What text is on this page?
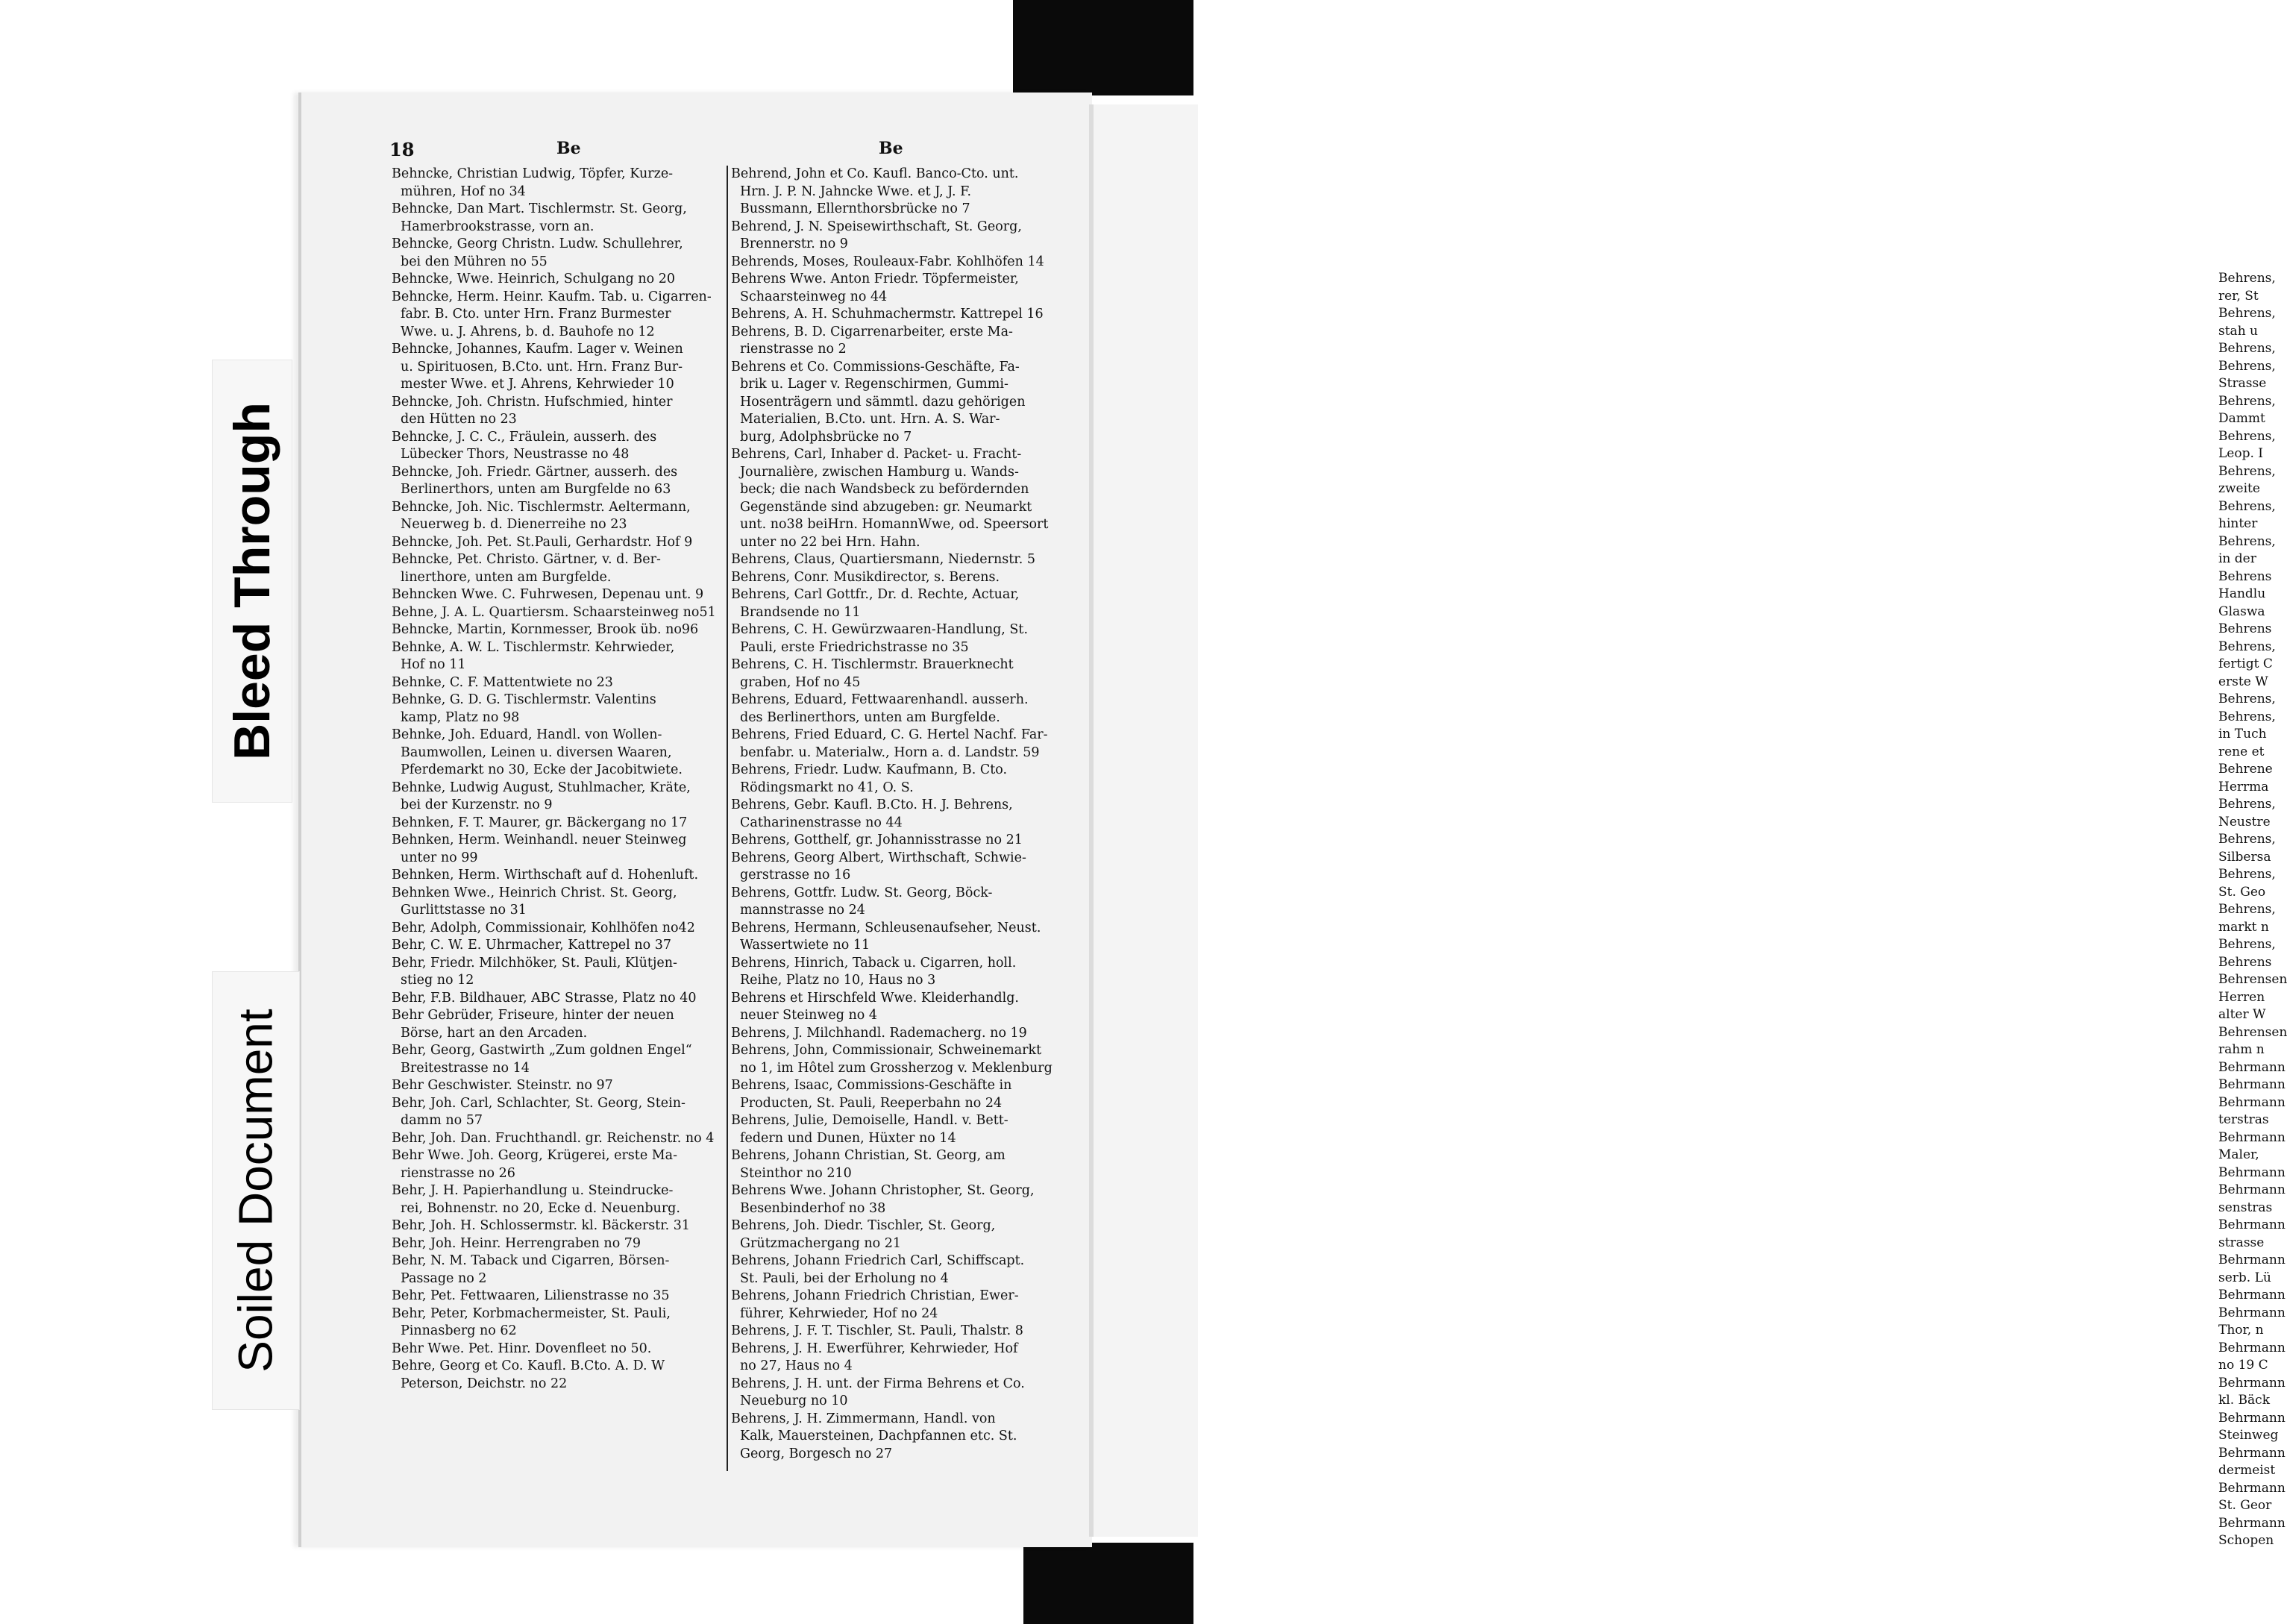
Behrens,
rer, St
Behrens,
stah u
Behrens,
Behrens,
Strasse
Behrens,
Dammt
Behrens,
Leop. I
Behrens,
zweite
Behrens,
hinter
Behrens,
in der
Behrens
Handlu
Glaswa
Behrens
Behrens,
fertigt C
erste W
Behrens,
Behrens,
in Tuch
rene et
Behrene
Herrma
Behrens,
Neustre
Behrens,
Silbersa
Behrens,
St. Geo
Behrens,
markt n
Behrens,
Behrens
Behrensen
Herren
alter W
Behrensen
rahm n
Behrmann
Behrmann
Behrmann
terstras
Behrmann
Maler,
Behrmann
Behrmann
senstras
Behrmann
strasse
Behrmann
serb. Lü
Behrmann
Behrmann
Thor, n
Behrmann
no 19 C
Behrmann
kl. Bäck
Behrmann
Steinweg
Behrmann
dermeist
Behrmann
St. Geor
Behrmann
Schopen
18	Be	Be
Behncke, Christian Ludwig, Töpfer, Kurze-

mühren, Hof no 34
Behncke, Dan Mart. Tischlermstr. St. Georg,

Hamerbrookstrasse, vorn an.
Behncke, Georg Christn. Ludw. Schullehrer,

bei den Mühren no 55
Behncke, Wwe. Heinrich, Schulgang no 20

Behncke, Herm. Heinr. Kaufm. Tab. u. Cigarren-

fabr. B. Cto. unter Hrn. Franz Burmester
Wwe. u. J. Ahrens, b. d. Bauhofe no 12
Behncke, Johannes, Kaufm. Lager v. Weinen

u. Spirituosen, B.Cto. unt. Hrn. Franz Bur-
mester Wwe. et J. Ahrens, Kehrwieder 10
Behncke, Joh. Christn. Hufschmied, hinter

den Hütten no 23
Behncke, J. C. C., Fräulein, ausserh. des

Lübecker Thors, Neustrasse no 48
Behncke, Joh. Friedr. Gärtner, ausserh. des

Berlinerthors, unten am Burgfelde no 63
Behncke, Joh. Nic. Tischlermstr. Aeltermann,

Neuerweg b. d. Dienerreihe no 23
Behncke, Joh. Pet. St.Pauli, Gerhardstr. Hof 9

Behncke, Pet. Christo. Gärtner, v. d. Ber-

linerthore, unten am Burgfelde.
Behncken Wwe. C. Fuhrwesen, Depenau unt. 9

Behne, J. A. L. Quartiersm. Schaarsteinweg no51

Behncke, Martin, Kornmesser, Brook üb. no96

Behnke, A. W. L. Tischlermstr. Kehrwieder,

Hof no 11
Behnke, C. F. Mattentwiete no 23

Behnke, G. D. G. Tischlermstr. Valentins

kamp, Platz no 98
Behnke, Joh. Eduard, Handl. von Wollen-

Baumwollen, Leinen u. diversen Waaren,
Pferdemarkt no 30, Ecke der Jacobitwiete.
Behnke, Ludwig August, Stuhlmacher, Kräte,

bei der Kurzenstr. no 9
Behnken, F. T. Maurer, gr. Bäckergang no 17

Behnken, Herm. Weinhandl. neuer Steinweg

unter no 99
Behnken, Herm. Wirthschaft auf d. Hohenluft.

Behnken Wwe., Heinrich Christ. St. Georg,

Gurlittstasse no 31
Behr, Adolph, Commissionair, Kohlhöfen no42

Behr, C. W. E. Uhrmacher, Kattrepel no 37

Behr, Friedr. Milchhöker, St. Pauli, Klütjen-

stieg no 12
Behr, F.B. Bildhauer, ABC Strasse, Platz no 40

Behr Gebrüder, Friseure, hinter der neuen

Börse, hart an den Arcaden.
Behr, Georg, Gastwirth „Zum goldnen Engel“

Breitestrasse no 14
Behr Geschwister. Steinstr. no 97

Behr, Joh. Carl, Schlachter, St. Georg, Stein-

damm no 57
Behr, Joh. Dan. Fruchthandl. gr. Reichenstr. no 4

Behr Wwe. Joh. Georg, Krügerei, erste Ma-

rienstrasse no 26
Behr, J. H. Papierhandlung u. Steindrucke-

rei, Bohnenstr. no 20, Ecke d. Neuenburg.
Behr, Joh. H. Schlossermstr. kl. Bäckerstr. 31

Behr, Joh. Heinr. Herrengraben no 79

Behr, N. M. Taback und Cigarren, Börsen-

Passage no 2
Behr, Pet. Fettwaaren, Lilienstrasse no 35

Behr, Peter, Korbmachermeister, St. Pauli,

Pinnasberg no 62
Behr Wwe. Pet. Hinr. Dovenfleet no 50.

Behre, Georg et Co. Kaufl. B.Cto. A. D. W

Peterson, Deichstr. no 22
Behrend, John et Co. Kaufl. Banco-Cto. unt.

Hrn. J. P. N. Jahncke Wwe. et J, J. F.
Bussmann, Ellernthorsbrücke no 7
Behrend, J. N. Speisewirthschaft, St. Georg,

Brennerstr. no 9
Behrends, Moses, Rouleaux-Fabr. Kohlhöfen 14

Behrens Wwe. Anton Friedr. Töpfermeister,

Schaarsteinweg no 44
Behrens, A. H. Schuhmachermstr. Kattrepel 16

Behrens, B. D. Cigarrenarbeiter, erste Ma-

rienstrasse no 2
Behrens et Co. Commissions-Geschäfte, Fa-

brik u. Lager v. Regenschirmen, Gummi-
Hosenträgern und sämmtl. dazu gehörigen
Materialien, B.Cto. unt. Hrn. A. S. War-
burg, Adolphsbrücke no 7
Behrens, Carl, Inhaber d. Packet- u. Fracht-

Journalière, zwischen Hamburg u. Wands-
beck; die nach Wandsbeck zu befördernden
Gegenstände sind abzugeben: gr. Neumarkt
unt. no38 beiHrn. HomannWwe, od. Speersort
unter no 22 bei Hrn. Hahn.
Behrens, Claus, Quartiersmann, Niedernstr. 5

Behrens, Conr. Musikdirector, s. Berens.

Behrens, Carl Gottfr., Dr. d. Rechte, Actuar,

Brandsende no 11
Behrens, C. H. Gewürzwaaren-Handlung, St.

Pauli, erste Friedrichstrasse no 35
Behrens, C. H. Tischlermstr. Brauerknecht

graben, Hof no 45
Behrens, Eduard, Fettwaarenhandl. ausserh.

des Berlinerthors, unten am Burgfelde.
Behrens, Fried Eduard, C. G. Hertel Nachf. Far-

benfabr. u. Materialw., Horn a. d. Landstr. 59
Behrens, Friedr. Ludw. Kaufmann, B. Cto.

Rödingsmarkt no 41, O. S.
Behrens, Gebr. Kaufl. B.Cto. H. J. Behrens,

Catharinenstrasse no 44
Behrens, Gotthelf, gr. Johannisstrasse no 21

Behrens, Georg Albert, Wirthschaft, Schwie-

gerstrasse no 16
Behrens, Gottfr. Ludw. St. Georg, Böck-

mannstrasse no 24
Behrens, Hermann, Schleusenaufseher, Neust.

Wassertwiete no 11
Behrens, Hinrich, Taback u. Cigarren, holl.

Reihe, Platz no 10, Haus no 3
Behrens et Hirschfeld Wwe. Kleiderhandlg.

neuer Steinweg no 4
Behrens, J. Milchhandl. Rademacherg. no 19

Behrens, John, Commissionair, Schweinemarkt

no 1, im Hôtel zum Grossherzog v. Meklenburg
Behrens, Isaac, Commissions-Geschäfte in

Producten, St. Pauli, Reeperbahn no 24
Behrens, Julie, Demoiselle, Handl. v. Bett-

federn und Dunen, Hüxter no 14
Behrens, Johann Christian, St. Georg, am

Steinthor no 210
Behrens Wwe. Johann Christopher, St. Georg,

Besenbinderhof no 38
Behrens, Joh. Diedr. Tischler, St. Georg,

Grützmachergang no 21
Behrens, Johann Friedrich Carl, Schiffscapt.

St. Pauli, bei der Erholung no 4
Behrens, Johann Friedrich Christian, Ewer-

führer, Kehrwieder, Hof no 24
Behrens, J. F. T. Tischler, St. Pauli, Thalstr. 8

Behrens, J. H. Ewerführer, Kehrwieder, Hof

no 27, Haus no 4
Behrens, J. H. unt. der Firma Behrens et Co.

Neueburg no 10
Behrens, J. H. Zimmermann, Handl. von

Kalk, Mauersteinen, Dachpfannen etc. St.
Georg, Borgesch no 27
Bleed Through
Soiled Document
